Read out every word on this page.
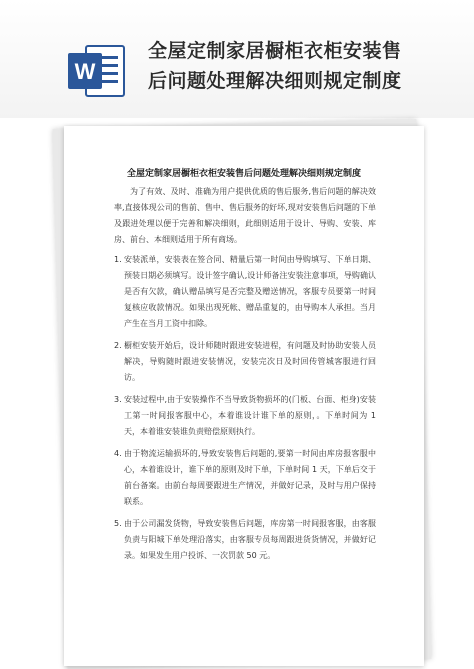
W
全屋定制家居橱柜衣柜安装售
后问题处理解决细则规定制度
全屋定制家居橱柜衣柜安装售后问题处理解决细则规定制度

为了有效、及时、准确为用户提供优质的售后服务,售后问题的解决效率,直接体现公司的售前、售中、售后服务的好坏,现对安装售后问题的下单及跟进处理以便于完善和解决细则，此细则适用于设计、导购、安装、库房、前台、本细则适用于所有商场。

1. 安装派单，安装表在签合同、精量后第一时间由导购填写、下单日期、预装日期必须填写。设计签字确认,设计师备注安装注意事项，导购确认是否有欠款，确认赠品填写是否完整及赠送情况，客服专员要第一时间复核应收款情况。如果出现死帐、赠品重复的，由导购本人承担。当月产生在当月工资中扣除。
2. 橱柜安装开始后，设计师随时跟进安装进程，有问题及时协助安装人员解决，导购随时跟进安装情况，安装完次日及时回传管城客服进行回访。
3. 安装过程中,由于安装操作不当导致货物损坏的(门板、台面、柜身)安装工第一时间报客服中心，本着谁设计谁下单的原则，。下单时间为 1 天，本着谁安装谁负责赔偿原则执行。
4. 由于物流运输损坏的,导致安装售后问题的,要第一时间由库房报客服中心，本着谁设计，谁下单的原则及时下单，下单时间 1 天，下单后交于前台备案。由前台每周要跟进生产情况，并做好记录，及时与用户保持联系。
5. 由于公司漏发货物，导致安装售后问题，库房第一时间报客服，由客服负责与阳城下单处理沿落实，由客服专员每周跟进货货情况，并做好记录。如果发生用户投诉、一次罚款 50 元。
